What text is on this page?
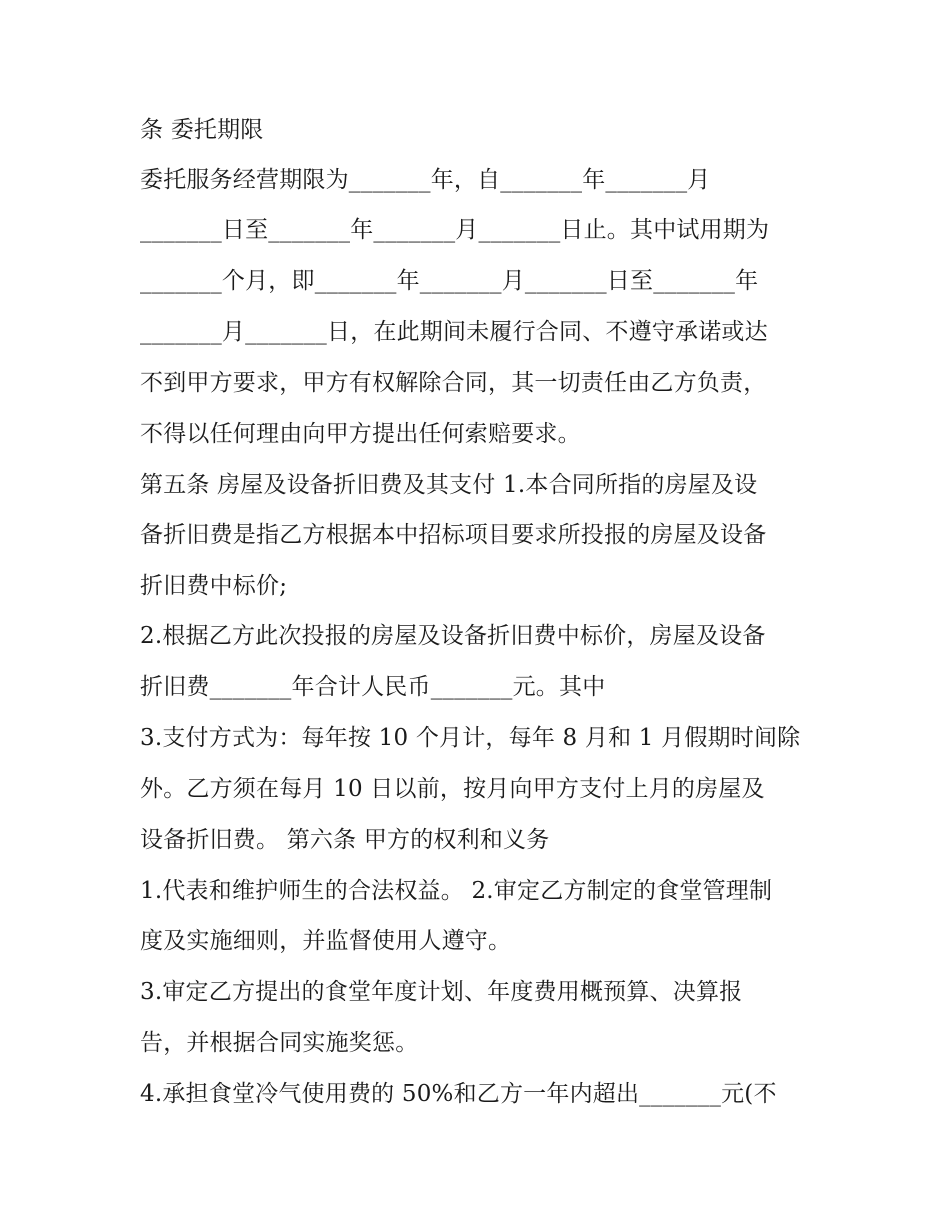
条 委托期限
委托服务经营期限为_______年，自_______年_______月
_______日至_______年_______月_______日止。其中试用期为
_______个月，即_______年_______月_______日至_______年
_______月_______日，在此期间未履行合同、不遵守承诺或达
不到甲方要求，甲方有权解除合同，其一切责任由乙方负责，
不得以任何理由向甲方提出任何索赔要求。
第五条 房屋及设备折旧费及其支付 1.本合同所指的房屋及设
备折旧费是指乙方根据本中招标项目要求所投报的房屋及设备
折旧费中标价;
2.根据乙方此次投报的房屋及设备折旧费中标价，房屋及设备
折旧费_______年合计人民币_______元。其中
3.支付方式为：每年按 10 个月计，每年 8 月和 1 月假期时间除
外。乙方须在每月 10 日以前，按月向甲方支付上月的房屋及
设备折旧费。 第六条 甲方的权利和义务
1.代表和维护师生的合法权益。 2.审定乙方制定的食堂管理制
度及实施细则，并监督使用人遵守。
3.审定乙方提出的食堂年度计划、年度费用概预算、决算报
告，并根据合同实施奖惩。
4.承担食堂冷气使用费的 50%和乙方一年内超出_______元(不
